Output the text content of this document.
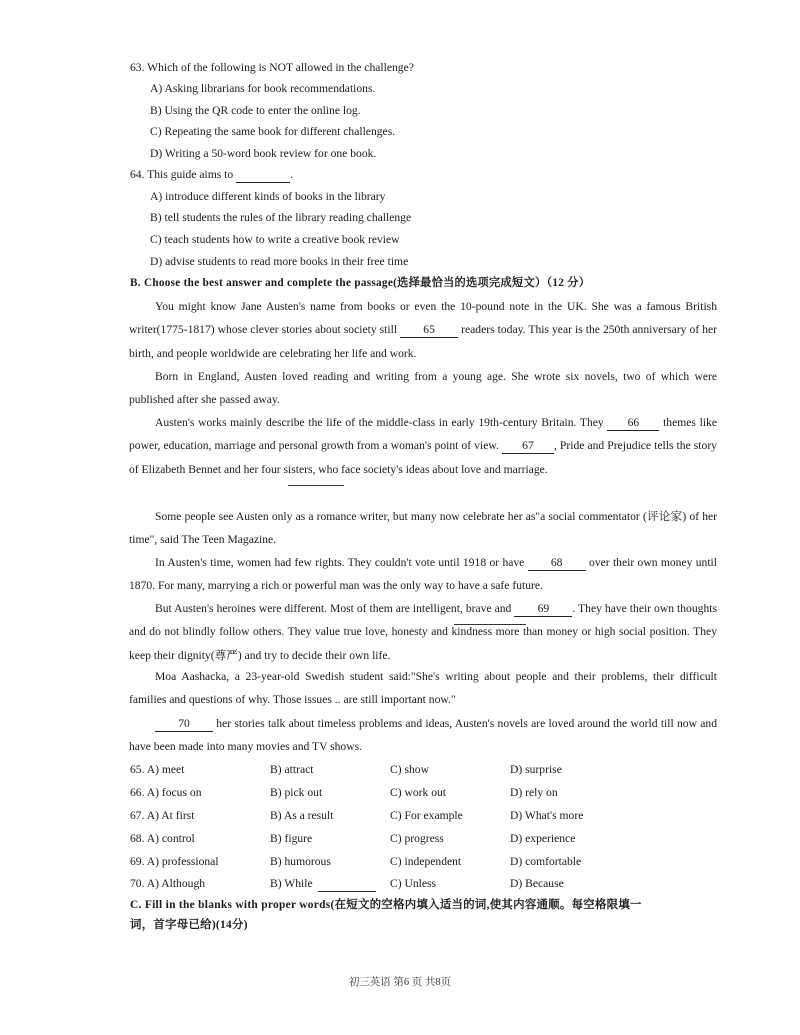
63. Which of the following is NOT allowed in the challenge?
A) Asking librarians for book recommendations.
B) Using the QR code to enter the online log.
C) Repeating the same book for different challenges.
D) Writing a 50-word book review for one book.
64. This guide aims to	.
A) introduce different kinds of books in the library
B) tell students the rules of the library reading challenge
C) teach students how to write a creative book review
D) advise students to read more books in their free time
B. Choose the best answer and complete the passage(选择最恰当的选项完成短文）（12 分）
You might know Jane Austen's name from books or even the 10-pound note in the UK. She was a famous British writer(1775-1817) whose clever stories about society still 65 readers today. This year is the 250th anniversary of her birth, and people worldwide are celebrating her life and work.
Born in England, Austen loved reading and writing from a young age. She wrote six novels, two of which were published after she passed away.
Austen's works mainly describe the life of the middle-class in early 19th-century Britain. They 66 themes like power, education, marriage and personal growth from a woman's point of view. 67 , Pride and Prejudice tells the story of Elizabeth Bennet and her four sisters, who face society's ideas about love and marriage.
Some people see Austen only as a romance writer, but many now celebrate her as"a social commentator (评论家) of her time", said The Teen Magazine.
In Austen's time, women had few rights. They couldn't vote until 1918 or have 68 over their own money until 1870. For many, marrying a rich or powerful man was the only way to have a safe future.
But Austen's heroines were different. Most of them are intelligent, brave and 69 . They have their own thoughts and do not blindly follow others. They value true love, honesty and kindness more than money or high social position. They keep their dignity(尊严) and try to decide their own life.
Moa Aashacka, a 23-year-old Swedish student said:"She's writing about people and their problems, their difficult families and questions of why. Those issues .. are still important now."
70 her stories talk about timeless problems and ideas, Austen's novels are loved around the world till now and have been made into many movies and TV shows.
65. A) meet	B) attract	C) show	D) surprise
66. A) focus on	B) pick out	C) work out	D) rely on
67. A) At first	B) As a result	C) For example	D) What's more
68. A) control	B) figure	C) progress	D) experience
69. A) professional	B) humorous	C) independent	D) comfortable
70. A) Although	B) While	C) Unless	D) Because
C. Fill in the blanks with proper words(在短文的空格内填入适当的词,使其内容通顺。每空格限填一
词，首字母已给)(14分)
初三英语 第6 页 共8页
